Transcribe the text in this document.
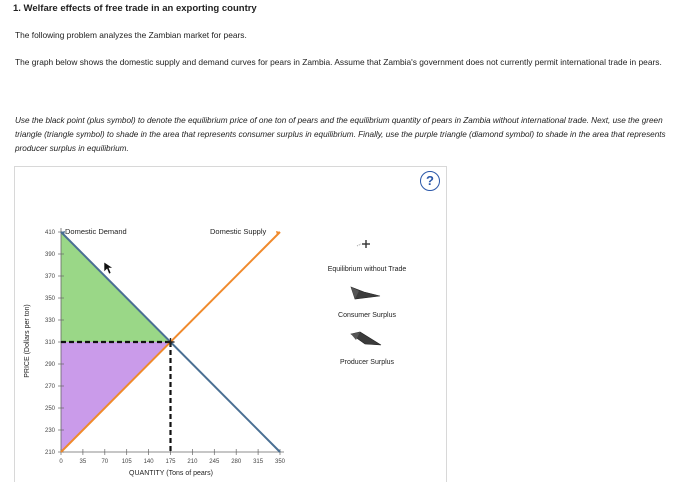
1. Welfare effects of free trade in an exporting country
The following problem analyzes the Zambian market for pears.
The graph below shows the domestic supply and demand curves for pears in Zambia. Assume that Zambia's government does not currently permit international trade in pears.
Use the black point (plus symbol) to denote the equilibrium price of one ton of pears and the equilibrium quantity of pears in Zambia without international trade. Next, use the green triangle (triangle symbol) to shade in the area that represents consumer surplus in equilibrium. Finally, use the purple triangle (diamond symbol) to shade in the area that represents producer surplus in equilibrium.
?
410
390
370
350
330
310
290
270
250
230
210
0	35	70 105 140 175 210 245 280 315 350
QUANTITY (Tons of pears)
PRICE (Dollars per ton)
Domestic Demand	Domestic Supply
Equilibrium without Trade
Consumer Surplus
Producer Surplus
